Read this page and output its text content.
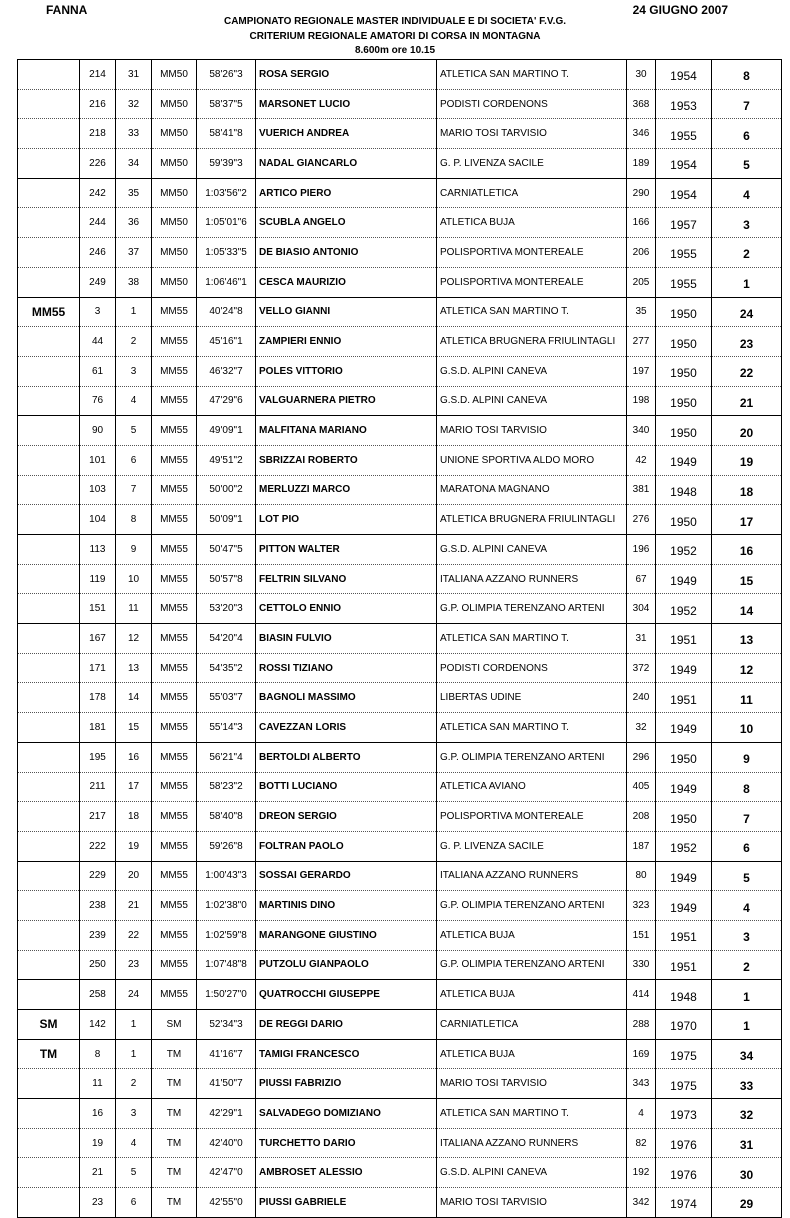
FANNA	24 GIUGNO 2007
CAMPIONATO REGIONALE MASTER INDIVIDUALE E DI SOCIETA' F.V.G.
CRITERIUM REGIONALE AMATORI DI CORSA IN MONTAGNA
8.600m ore 10.15
	214	31	MM50	58'26"3	ROSA SERGIO	ATLETICA SAN MARTINO T.	30	1954	8
	216	32	MM50	58'37"5	MARSONET LUCIO	PODISTI CORDENONS	368	1953	7
	218	33	MM50	58'41"8	VUERICH ANDREA	MARIO TOSI TARVISIO	346	1955	6
	226	34	MM50	59'39"3	NADAL GIANCARLO	G. P. LIVENZA SACILE	189	1954	5
	242	35	MM50	1:03'56"2	ARTICO PIERO	CARNIATLETICA	290	1954	4
	244	36	MM50	1:05'01"6	SCUBLA ANGELO	ATLETICA BUJA	166	1957	3
	246	37	MM50	1:05'33"5	DE BIASIO ANTONIO	POLISPORTIVA MONTEREALE	206	1955	2
	249	38	MM50	1:06'46"1	CESCA MAURIZIO	POLISPORTIVA MONTEREALE	205	1955	1
MM55	3	1	MM55	40'24"8	VELLO GIANNI	ATLETICA SAN MARTINO T.	35	1950	24
	44	2	MM55	45'16"1	ZAMPIERI ENNIO	ATLETICA BRUGNERA FRIULINTAGLI	277	1950	23
	61	3	MM55	46'32"7	POLES VITTORIO	G.S.D. ALPINI CANEVA	197	1950	22
	76	4	MM55	47'29"6	VALGUARNERA PIETRO	G.S.D. ALPINI CANEVA	198	1950	21
	90	5	MM55	49'09"1	MALFITANA MARIANO	MARIO TOSI TARVISIO	340	1950	20
	101	6	MM55	49'51"2	SBRIZZAI ROBERTO	UNIONE SPORTIVA ALDO MORO	42	1949	19
	103	7	MM55	50'00"2	MERLUZZI MARCO	MARATONA MAGNANO	381	1948	18
	104	8	MM55	50'09"1	LOT PIO	ATLETICA BRUGNERA FRIULINTAGLI	276	1950	17
	113	9	MM55	50'47"5	PITTON WALTER	G.S.D. ALPINI CANEVA	196	1952	16
	119	10	MM55	50'57"8	FELTRIN SILVANO	ITALIANA AZZANO RUNNERS	67	1949	15
	151	11	MM55	53'20"3	CETTOLO ENNIO	G.P. OLIMPIA TERENZANO ARTENI	304	1952	14
	167	12	MM55	54'20"4	BIASIN FULVIO	ATLETICA SAN MARTINO T.	31	1951	13
	171	13	MM55	54'35"2	ROSSI TIZIANO	PODISTI CORDENONS	372	1949	12
	178	14	MM55	55'03"7	BAGNOLI MASSIMO	LIBERTAS UDINE	240	1951	11
	181	15	MM55	55'14"3	CAVEZZAN LORIS	ATLETICA SAN MARTINO T.	32	1949	10
	195	16	MM55	56'21"4	BERTOLDI ALBERTO	G.P. OLIMPIA TERENZANO ARTENI	296	1950	9
	211	17	MM55	58'23"2	BOTTI LUCIANO	ATLETICA AVIANO	405	1949	8
	217	18	MM55	58'40"8	DREON SERGIO	POLISPORTIVA MONTEREALE	208	1950	7
	222	19	MM55	59'26"8	FOLTRAN PAOLO	G. P. LIVENZA SACILE	187	1952	6
	229	20	MM55	1:00'43"3	SOSSAI GERARDO	ITALIANA AZZANO RUNNERS	80	1949	5
	238	21	MM55	1:02'38"0	MARTINIS DINO	G.P. OLIMPIA TERENZANO ARTENI	323	1949	4
	239	22	MM55	1:02'59"8	MARANGONE GIUSTINO	ATLETICA BUJA	151	1951	3
	250	23	MM55	1:07'48"8	PUTZOLU GIANPAOLO	G.P. OLIMPIA TERENZANO ARTENI	330	1951	2
	258	24	MM55	1:50'27"0	QUATROCCHI GIUSEPPE	ATLETICA BUJA	414	1948	1
SM	142	1	SM	52'34"3	DE REGGI DARIO	CARNIATLETICA	288	1970	1
TM	8	1	TM	41'16"7	TAMIGI FRANCESCO	ATLETICA BUJA	169	1975	34
	11	2	TM	41'50"7	PIUSSI FABRIZIO	MARIO TOSI TARVISIO	343	1975	33
	16	3	TM	42'29"1	SALVADEGO DOMIZIANO	ATLETICA SAN MARTINO T.	4	1973	32
	19	4	TM	42'40"0	TURCHETTO DARIO	ITALIANA AZZANO RUNNERS	82	1976	31
	21	5	TM	42'47"0	AMBROSET ALESSIO	G.S.D. ALPINI CANEVA	192	1976	30
	23	6	TM	42'55"0	PIUSSI GABRIELE	MARIO TOSI TARVISIO	342	1974	29
